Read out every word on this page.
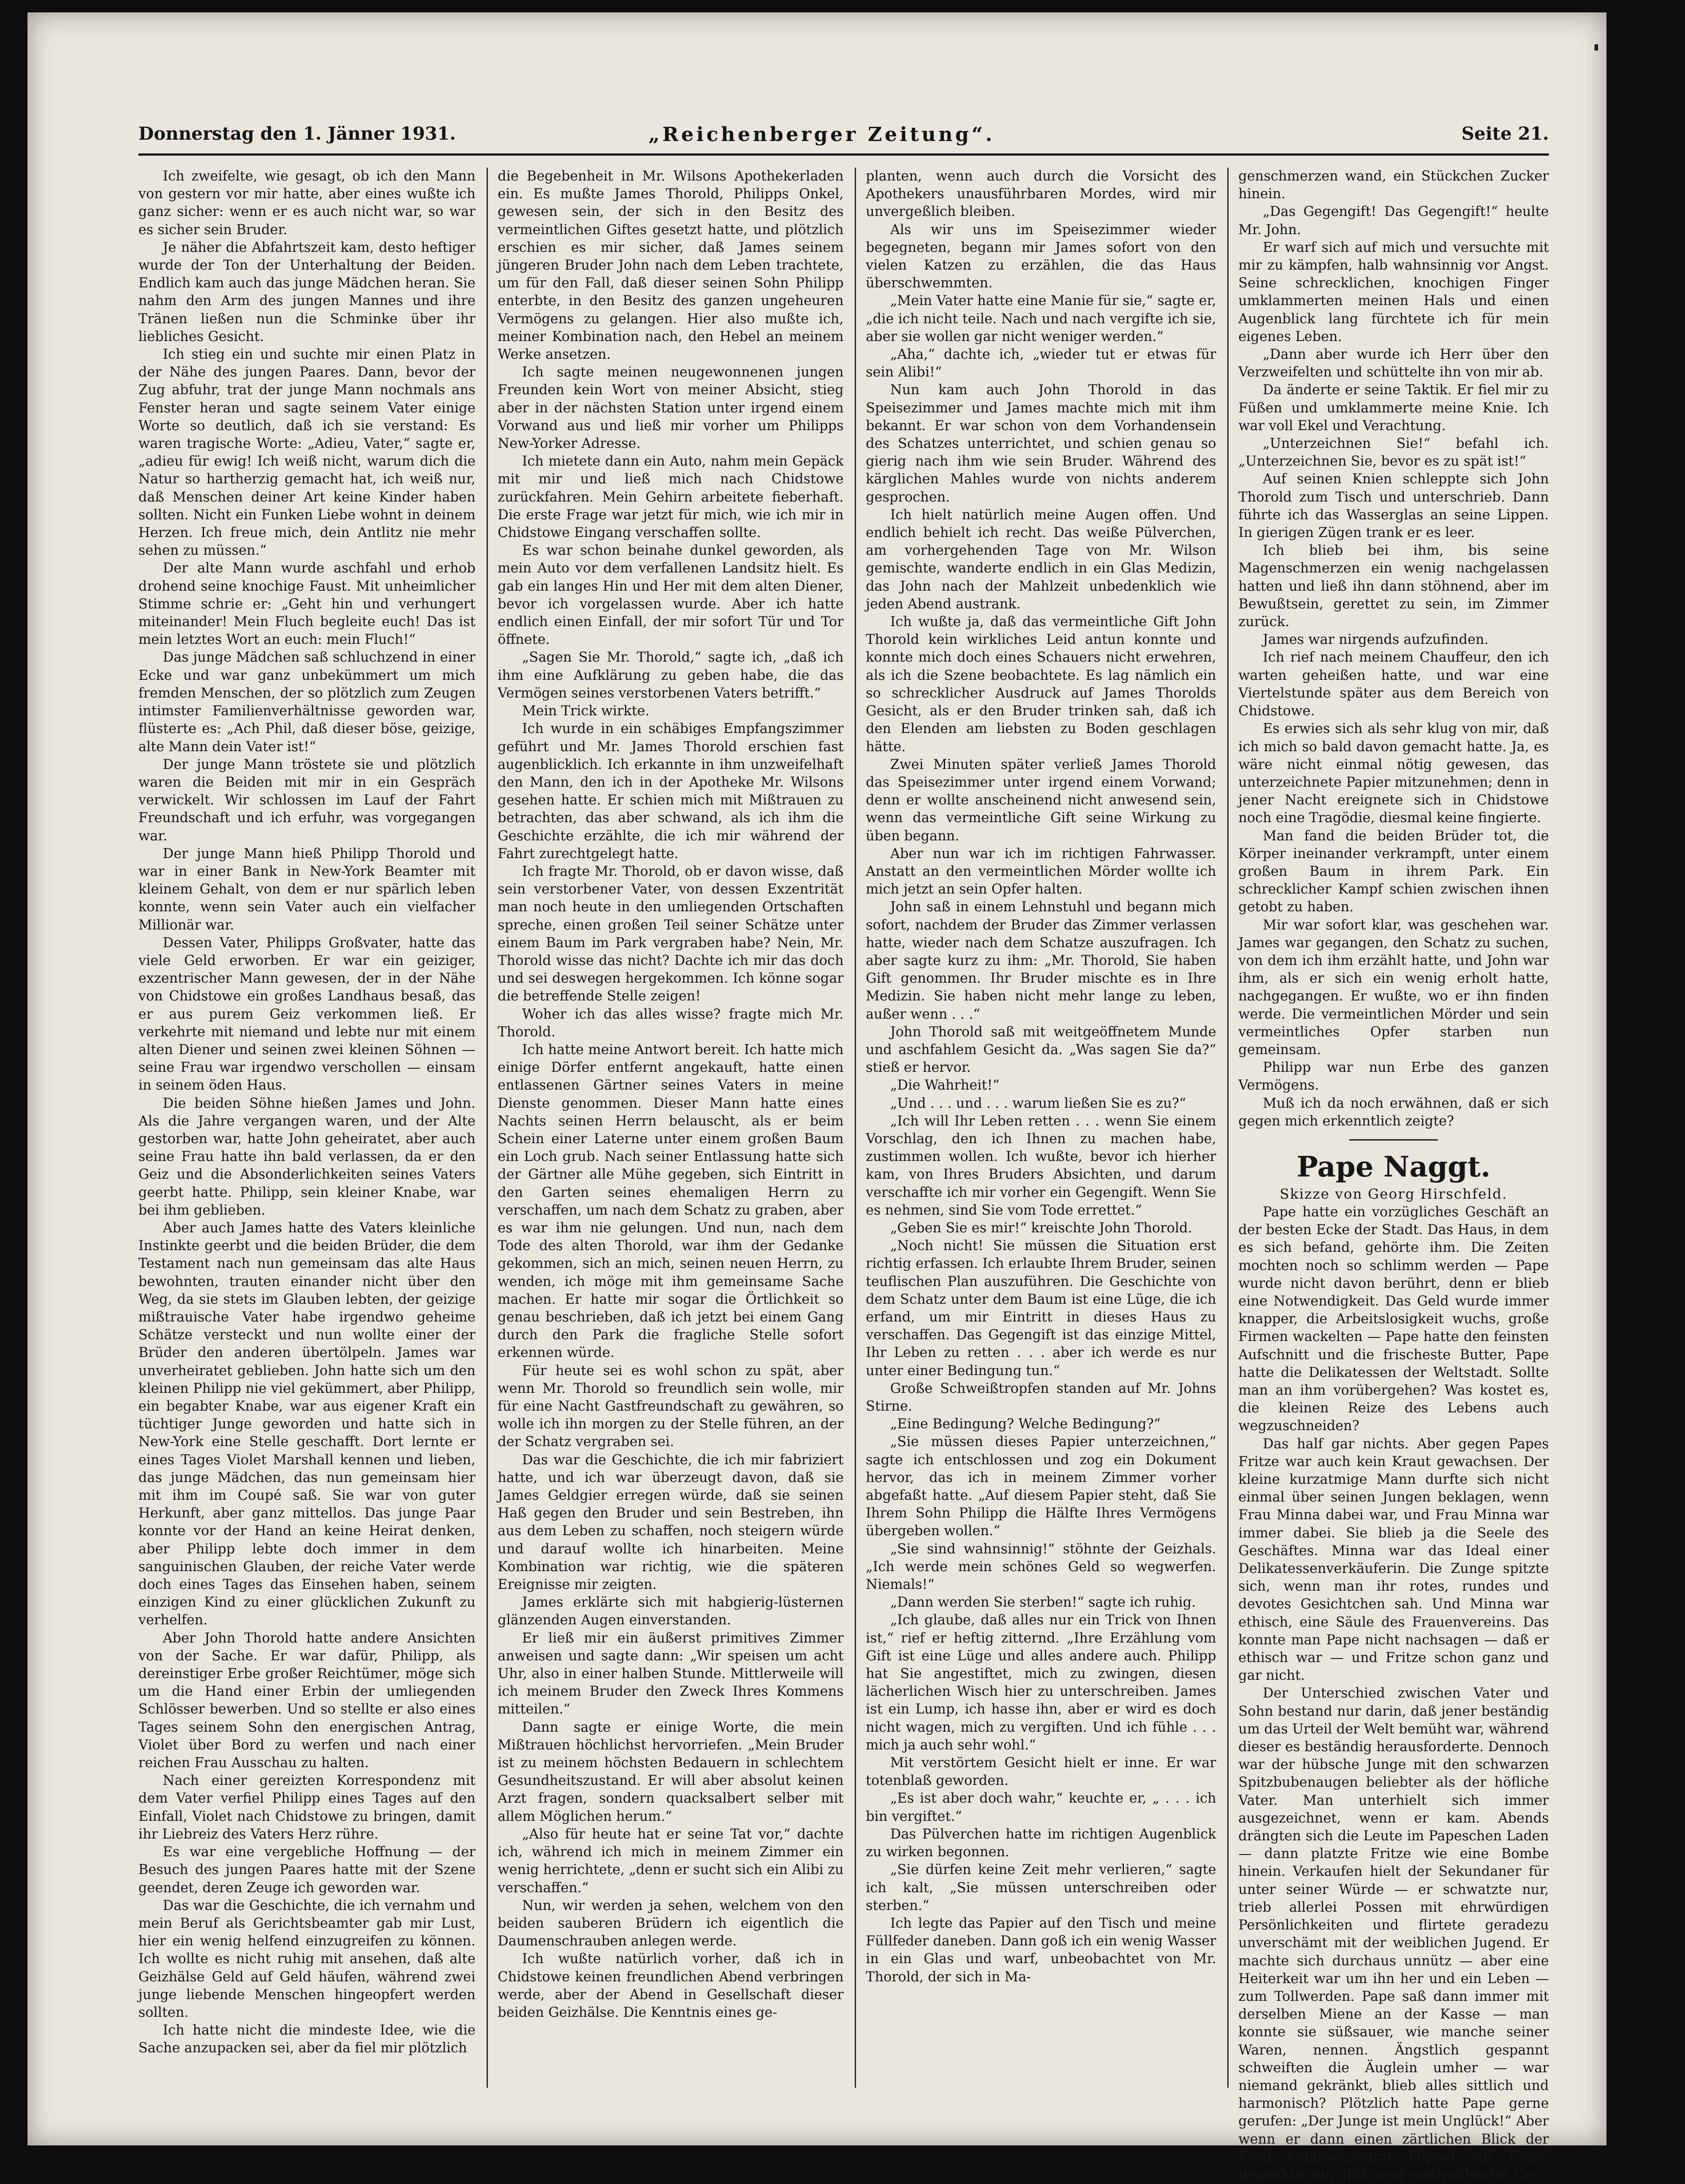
Donnerstag den 1. Jänner 1931.	„Reichenberger Zeitung“.	Seite 21.

Ich zweifelte, wie gesagt, ob ich den Mann von gestern vor mir hatte, aber eines wußte ich ganz sicher: wenn er es auch nicht war, so war es sicher sein Bruder.

Je näher die Abfahrtszeit kam, desto heftiger wurde der Ton der Unterhaltung der Beiden. Endlich kam auch das junge Mädchen heran. Sie nahm den Arm des jungen Mannes und ihre Tränen ließen nun die Schminke über ihr liebliches Gesicht.

Ich stieg ein und suchte mir einen Platz in der Nähe des jungen Paares. Dann, bevor der Zug abfuhr, trat der junge Mann nochmals ans Fenster heran und sagte seinem Vater einige Worte so deutlich, daß ich sie verstand: Es waren tragische Worte: „Adieu, Vater,“ sagte er, „adieu für ewig! Ich weiß nicht, warum dich die Natur so hartherzig gemacht hat, ich weiß nur, daß Menschen deiner Art keine Kinder haben sollten. Nicht ein Funken Liebe wohnt in deinem Herzen. Ich freue mich, dein Antlitz nie mehr sehen zu müssen.“

Der alte Mann wurde aschfahl und erhob drohend seine knochige Faust. Mit unheimlicher Stimme schrie er: „Geht hin und verhungert miteinander! Mein Fluch begleite euch! Das ist mein letztes Wort an euch: mein Fluch!“

Das junge Mädchen saß schluchzend in einer Ecke und war ganz unbekümmert um mich fremden Menschen, der so plötzlich zum Zeugen intimster Familienverhältnisse geworden war, flüsterte es: „Ach Phil, daß dieser böse, geizige, alte Mann dein Vater ist!“

Der junge Mann tröstete sie und plötzlich waren die Beiden mit mir in ein Gespräch verwickelt. Wir schlossen im Lauf der Fahrt Freundschaft und ich erfuhr, was vorgegangen war.

Der junge Mann hieß Philipp Thorold und war in einer Bank in New-York Beamter mit kleinem Gehalt, von dem er nur spärlich leben konnte, wenn sein Vater auch ein vielfacher Millionär war.

Dessen Vater, Philipps Großvater, hatte das viele Geld erworben. Er war ein geiziger, exzentrischer Mann gewesen, der in der Nähe von Chidstowe ein großes Landhaus besaß, das er aus purem Geiz verkommen ließ. Er verkehrte mit niemand und lebte nur mit einem alten Diener und seinen zwei kleinen Söhnen — seine Frau war irgendwo verschollen — einsam in seinem öden Haus.

Die beiden Söhne hießen James und John. Als die Jahre vergangen waren, und der Alte gestorben war, hatte John geheiratet, aber auch seine Frau hatte ihn bald verlassen, da er den Geiz und die Absonderlichkeiten seines Vaters geerbt hatte. Philipp, sein kleiner Knabe, war bei ihm geblieben.

Aber auch James hatte des Vaters kleinliche Instinkte geerbt und die beiden Brüder, die dem Testament nach nun gemeinsam das alte Haus bewohnten, trauten einander nicht über den Weg, da sie stets im Glauben lebten, der geizige mißtrauische Vater habe irgendwo geheime Schätze versteckt und nun wollte einer der Brüder den anderen übertölpeln. James war unverheiratet geblieben. John hatte sich um den kleinen Philipp nie viel gekümmert, aber Philipp, ein begabter Knabe, war aus eigener Kraft ein tüchtiger Junge geworden und hatte sich in New-York eine Stelle geschafft. Dort lernte er eines Tages Violet Marshall kennen und lieben, das junge Mädchen, das nun gemeinsam hier mit ihm im Coupé saß. Sie war von guter Herkunft, aber ganz mittellos. Das junge Paar konnte vor der Hand an keine Heirat denken, aber Philipp lebte doch immer in dem sanguinischen Glauben, der reiche Vater werde doch eines Tages das Einsehen haben, seinem einzigen Kind zu einer glücklichen Zukunft zu verhelfen.

Aber John Thorold hatte andere Ansichten von der Sache. Er war dafür, Philipp, als dereinstiger Erbe großer Reichtümer, möge sich um die Hand einer Erbin der umliegenden Schlösser bewerben. Und so stellte er also eines Tages seinem Sohn den energischen Antrag, Violet über Bord zu werfen und nach einer reichen Frau Ausschau zu halten.

Nach einer gereizten Korrespondenz mit dem Vater verfiel Philipp eines Tages auf den Einfall, Violet nach Chidstowe zu bringen, damit ihr Liebreiz des Vaters Herz rühre.

Es war eine vergebliche Hoffnung — der Besuch des jungen Paares hatte mit der Szene geendet, deren Zeuge ich geworden war.

Das war die Geschichte, die ich vernahm und mein Beruf als Gerichtsbeamter gab mir Lust, hier ein wenig helfend einzugreifen zu können. Ich wollte es nicht ruhig mit ansehen, daß alte Geizhälse Geld auf Geld häufen, während zwei junge liebende Menschen hingeopfert werden sollten.

Ich hatte nicht die mindeste Idee, wie die Sache anzupacken sei, aber da fiel mir plötzlich

die Begebenheit in Mr. Wilsons Apothekerladen ein. Es mußte James Thorold, Philipps Onkel, gewesen sein, der sich in den Besitz des vermeintlichen Giftes gesetzt hatte, und plötzlich erschien es mir sicher, daß James seinem jüngeren Bruder John nach dem Leben trachtete, um für den Fall, daß dieser seinen Sohn Philipp enterbte, in den Besitz des ganzen ungeheuren Vermögens zu gelangen. Hier also mußte ich, meiner Kombination nach, den Hebel an meinem Werke ansetzen.

Ich sagte meinen neugewonnenen jungen Freunden kein Wort von meiner Absicht, stieg aber in der nächsten Station unter irgend einem Vorwand aus und ließ mir vorher um Philipps New-Yorker Adresse.

Ich mietete dann ein Auto, nahm mein Gepäck mit mir und ließ mich nach Chidstowe zurückfahren. Mein Gehirn arbeitete fieberhaft. Die erste Frage war jetzt für mich, wie ich mir in Chidstowe Eingang verschaffen sollte.

Es war schon beinahe dunkel geworden, als mein Auto vor dem verfallenen Landsitz hielt. Es gab ein langes Hin und Her mit dem alten Diener, bevor ich vorgelassen wurde. Aber ich hatte endlich einen Einfall, der mir sofort Tür und Tor öffnete.

„Sagen Sie Mr. Thorold,“ sagte ich, „daß ich ihm eine Aufklärung zu geben habe, die das Vermögen seines verstorbenen Vaters betrifft.“

Mein Trick wirkte.

Ich wurde in ein schäbiges Empfangszimmer geführt und Mr. James Thorold erschien fast augenblicklich. Ich erkannte in ihm unzweifelhaft den Mann, den ich in der Apotheke Mr. Wilsons gesehen hatte. Er schien mich mit Mißtrauen zu betrachten, das aber schwand, als ich ihm die Geschichte erzählte, die ich mir während der Fahrt zurechtgelegt hatte.

Ich fragte Mr. Thorold, ob er davon wisse, daß sein verstorbener Vater, von dessen Exzentrität man noch heute in den umliegenden Ortschaften spreche, einen großen Teil seiner Schätze unter einem Baum im Park vergraben habe? Nein, Mr. Thorold wisse das nicht? Dachte ich mir das doch und sei deswegen hergekommen. Ich könne sogar die betreffende Stelle zeigen!

Woher ich das alles wisse? fragte mich Mr. Thorold.

Ich hatte meine Antwort bereit. Ich hatte mich einige Dörfer entfernt angekauft, hatte einen entlassenen Gärtner seines Vaters in meine Dienste genommen. Dieser Mann hatte eines Nachts seinen Herrn belauscht, als er beim Schein einer Laterne unter einem großen Baum ein Loch grub. Nach seiner Entlassung hatte sich der Gärtner alle Mühe gegeben, sich Eintritt in den Garten seines ehemaligen Herrn zu verschaffen, um nach dem Schatz zu graben, aber es war ihm nie gelungen. Und nun, nach dem Tode des alten Thorold, war ihm der Gedanke gekommen, sich an mich, seinen neuen Herrn, zu wenden, ich möge mit ihm gemeinsame Sache machen. Er hatte mir sogar die Örtlichkeit so genau beschrieben, daß ich jetzt bei einem Gang durch den Park die fragliche Stelle sofort erkennen würde.

Für heute sei es wohl schon zu spät, aber wenn Mr. Thorold so freundlich sein wolle, mir für eine Nacht Gastfreundschaft zu gewähren, so wolle ich ihn morgen zu der Stelle führen, an der der Schatz vergraben sei.

Das war die Geschichte, die ich mir fabriziert hatte, und ich war überzeugt davon, daß sie James Geldgier erregen würde, daß sie seinen Haß gegen den Bruder und sein Bestreben, ihn aus dem Leben zu schaffen, noch steigern würde und darauf wollte ich hinarbeiten. Meine Kombination war richtig, wie die späteren Ereignisse mir zeigten.

James erklärte sich mit habgierig-lüsternen glänzenden Augen einverstanden.

Er ließ mir ein äußerst primitives Zimmer anweisen und sagte dann: „Wir speisen um acht Uhr, also in einer halben Stunde. Mittlerweile will ich meinem Bruder den Zweck Ihres Kommens mitteilen.“

Dann sagte er einige Worte, die mein Mißtrauen höchlichst hervorriefen. „Mein Bruder ist zu meinem höchsten Bedauern in schlechtem Gesundheitszustand. Er will aber absolut keinen Arzt fragen, sondern quacksalbert selber mit allem Möglichen herum.“

„Also für heute hat er seine Tat vor,“ dachte ich, während ich mich in meinem Zimmer ein wenig herrichtete, „denn er sucht sich ein Alibi zu verschaffen.“

Nun, wir werden ja sehen, welchem von den beiden sauberen Brüdern ich eigentlich die Daumenschrauben anlegen werde.

Ich wußte natürlich vorher, daß ich in Chidstowe keinen freundlichen Abend verbringen werde, aber der Abend in Gesellschaft dieser beiden Geizhälse. Die Kenntnis eines ge-

planten, wenn auch durch die Vorsicht des Apothekers unausführbaren Mordes, wird mir unvergeßlich bleiben.

Als wir uns im Speisezimmer wieder begegneten, begann mir James sofort von den vielen Katzen zu erzählen, die das Haus überschwemmten.

„Mein Vater hatte eine Manie für sie,“ sagte er, „die ich nicht teile. Nach und nach vergifte ich sie, aber sie wollen gar nicht weniger werden.“

„Aha,“ dachte ich, „wieder tut er etwas für sein Alibi!“

Nun kam auch John Thorold in das Speisezimmer und James machte mich mit ihm bekannt. Er war schon von dem Vorhandensein des Schatzes unterrichtet, und schien genau so gierig nach ihm wie sein Bruder. Während des kärglichen Mahles wurde von nichts anderem gesprochen.

Ich hielt natürlich meine Augen offen. Und endlich behielt ich recht. Das weiße Pülverchen, am vorhergehenden Tage von Mr. Wilson gemischte, wanderte endlich in ein Glas Medizin, das John nach der Mahlzeit unbedenklich wie jeden Abend austrank.

Ich wußte ja, daß das vermeintliche Gift John Thorold kein wirkliches Leid antun konnte und konnte mich doch eines Schauers nicht erwehren, als ich die Szene beobachtete. Es lag nämlich ein so schrecklicher Ausdruck auf James Thorolds Gesicht, als er den Bruder trinken sah, daß ich den Elenden am liebsten zu Boden geschlagen hätte.

Zwei Minuten später verließ James Thorold das Speisezimmer unter irgend einem Vorwand; denn er wollte anscheinend nicht anwesend sein, wenn das vermeintliche Gift seine Wirkung zu üben begann.

Aber nun war ich im richtigen Fahrwasser. Anstatt an den vermeintlichen Mörder wollte ich mich jetzt an sein Opfer halten.

John saß in einem Lehnstuhl und begann mich sofort, nachdem der Bruder das Zimmer verlassen hatte, wieder nach dem Schatze auszufragen. Ich aber sagte kurz zu ihm: „Mr. Thorold, Sie haben Gift genommen. Ihr Bruder mischte es in Ihre Medizin. Sie haben nicht mehr lange zu leben, außer wenn . . .“

John Thorold saß mit weitgeöffnetem Munde und aschfahlem Gesicht da. „Was sagen Sie da?“ stieß er hervor.

„Die Wahrheit!“

„Und . . . und . . . warum ließen Sie es zu?“

„Ich will Ihr Leben retten . . . wenn Sie einem Vorschlag, den ich Ihnen zu machen habe, zustimmen wollen. Ich wußte, bevor ich hierher kam, von Ihres Bruders Absichten, und darum verschaffte ich mir vorher ein Gegengift. Wenn Sie es nehmen, sind Sie vom Tode errettet.“

„Geben Sie es mir!“ kreischte John Thorold.

„Noch nicht! Sie müssen die Situation erst richtig erfassen. Ich erlaubte Ihrem Bruder, seinen teuflischen Plan auszuführen. Die Geschichte von dem Schatz unter dem Baum ist eine Lüge, die ich erfand, um mir Eintritt in dieses Haus zu verschaffen. Das Gegengift ist das einzige Mittel, Ihr Leben zu retten . . . aber ich werde es nur unter einer Bedingung tun.“

Große Schweißtropfen standen auf Mr. Johns Stirne.

„Eine Bedingung? Welche Bedingung?“

„Sie müssen dieses Papier unterzeichnen,“ sagte ich entschlossen und zog ein Dokument hervor, das ich in meinem Zimmer vorher abgefaßt hatte. „Auf diesem Papier steht, daß Sie Ihrem Sohn Philipp die Hälfte Ihres Vermögens übergeben wollen.“

„Sie sind wahnsinnig!“ stöhnte der Geizhals. „Ich werde mein schönes Geld so wegwerfen. Niemals!“

„Dann werden Sie sterben!“ sagte ich ruhig.

„Ich glaube, daß alles nur ein Trick von Ihnen ist,“ rief er heftig zitternd. „Ihre Erzählung vom Gift ist eine Lüge und alles andere auch. Philipp hat Sie angestiftet, mich zu zwingen, diesen lächerlichen Wisch hier zu unterschreiben. James ist ein Lump, ich hasse ihn, aber er wird es doch nicht wagen, mich zu vergiften. Und ich fühle . . . mich ja auch sehr wohl.“

Mit verstörtem Gesicht hielt er inne. Er war totenblaß geworden.

„Es ist aber doch wahr,“ keuchte er, „ . . . ich bin vergiftet.“

Das Pülverchen hatte im richtigen Augenblick zu wirken begonnen.

„Sie dürfen keine Zeit mehr verlieren,“ sagte ich kalt, „Sie müssen unterschreiben oder sterben.“

Ich legte das Papier auf den Tisch und meine Füllfeder daneben. Dann goß ich ein wenig Wasser in ein Glas und warf, unbeobachtet von Mr. Thorold, der sich in Ma-

genschmerzen wand, ein Stückchen Zucker hinein.

„Das Gegengift! Das Gegengift!“ heulte Mr. John.

Er warf sich auf mich und versuchte mit mir zu kämpfen, halb wahnsinnig vor Angst. Seine schrecklichen, knochigen Finger umklammerten meinen Hals und einen Augenblick lang fürchtete ich für mein eigenes Leben.

„Dann aber wurde ich Herr über den Verzweifelten und schüttelte ihn von mir ab.

Da änderte er seine Taktik. Er fiel mir zu Füßen und umklammerte meine Knie. Ich war voll Ekel und Verachtung.

„Unterzeichnen Sie!“ befahl ich. „Unterzeichnen Sie, bevor es zu spät ist!“

Auf seinen Knien schleppte sich John Thorold zum Tisch und unterschrieb. Dann führte ich das Wasserglas an seine Lippen. In gierigen Zügen trank er es leer.

Ich blieb bei ihm, bis seine Magenschmerzen ein wenig nachgelassen hatten und ließ ihn dann stöhnend, aber im Bewußtsein, gerettet zu sein, im Zimmer zurück.

James war nirgends aufzufinden.

Ich rief nach meinem Chauffeur, den ich warten geheißen hatte, und war eine Viertelstunde später aus dem Bereich von Chidstowe.

Es erwies sich als sehr klug von mir, daß ich mich so bald davon gemacht hatte. Ja, es wäre nicht einmal nötig gewesen, das unterzeichnete Papier mitzunehmen; denn in jener Nacht ereignete sich in Chidstowe noch eine Tragödie, diesmal keine fingierte.

Man fand die beiden Brüder tot, die Körper ineinander verkrampft, unter einem großen Baum in ihrem Park. Ein schrecklicher Kampf schien zwischen ihnen getobt zu haben.

Mir war sofort klar, was geschehen war. James war gegangen, den Schatz zu suchen, von dem ich ihm erzählt hatte, und John war ihm, als er sich ein wenig erholt hatte, nachgegangen. Er wußte, wo er ihn finden werde. Die vermeintlichen Mörder und sein vermeintliches Opfer starben nun gemeinsam.

Philipp war nun Erbe des ganzen Vermögens.

Muß ich da noch erwähnen, daß er sich gegen mich erkenntlich zeigte?

Pape Naggt.

Skizze von Georg Hirschfeld.

Pape hatte ein vorzügliches Geschäft an der besten Ecke der Stadt. Das Haus, in dem es sich befand, gehörte ihm. Die Zeiten mochten noch so schlimm werden — Pape wurde nicht davon berührt, denn er blieb eine Notwendigkeit. Das Geld wurde immer knapper, die Arbeitslosigkeit wuchs, große Firmen wackelten — Pape hatte den feinsten Aufschnitt und die frischeste Butter, Pape hatte die Delikatessen der Weltstadt. Sollte man an ihm vorübergehen? Was kostet es, die kleinen Reize des Lebens auch wegzuschneiden?

Das half gar nichts. Aber gegen Papes Fritze war auch kein Kraut gewachsen. Der kleine kurzatmige Mann durfte sich nicht einmal über seinen Jungen beklagen, wenn Frau Minna dabei war, und Frau Minna war immer dabei. Sie blieb ja die Seele des Geschäftes. Minna war das Ideal einer Delikatessenverkäuferin. Die Zunge spitzte sich, wenn man ihr rotes, rundes und devotes Gesichtchen sah. Und Minna war ethisch, eine Säule des Frauenvereins. Das konnte man Pape nicht nachsagen — daß er ethisch war — und Fritze schon ganz und gar nicht.

Der Unterschied zwischen Vater und Sohn bestand nur darin, daß jener beständig um das Urteil der Welt bemüht war, während dieser es beständig herausforderte. Dennoch war der hübsche Junge mit den schwarzen Spitzbubenaugen beliebter als der höfliche Vater. Man unterhielt sich immer ausgezeichnet, wenn er kam. Abends drängten sich die Leute im Papeschen Laden — dann platzte Fritze wie eine Bombe hinein. Verkaufen hielt der Sekundaner für unter seiner Würde — er schwatzte nur, trieb allerlei Possen mit ehrwürdigen Persönlichkeiten und flirtete geradezu unverschämt mit der weiblichen Jugend. Er machte sich durchaus unnütz — aber eine Heiterkeit war um ihn her und ein Leben — zum Tollwerden. Pape saß dann immer mit derselben Miene an der Kasse — man konnte sie süßsauer, wie manche seiner Waren, nennen. Ängstlich gespannt schweiften die Äuglein umher — war niemand gekränkt, blieb alles sittlich und harmonisch? Plötzlich hatte Pape gerne gerufen: „Der Junge ist mein Unglück!“ Aber wenn er dann einen zärtlichen Blick der Frau Kommerzienrat Föppel auf Fritze bemerkte, ein drähnend wohlwollendes Ge-
